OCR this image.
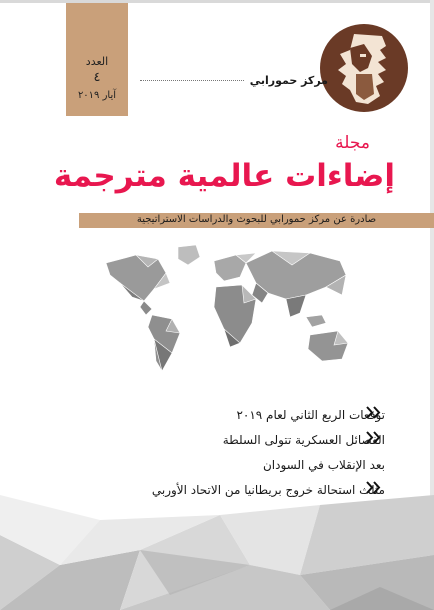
العدد
٤
آيار ٢٠١٩
مركز حمورابي
مجلة
إضاءات عالمية مترجمة
صادرة عن مركز حمورابي للبحوث والدراسات الاستراتيجية
توقعات الربع الثاني لعام ٢٠١٩
الفصائل العسكرية تتولى السلطة
بعد الإنقلاب في السودان
مثلث استحالة خروج بريطانيا من الاتحاد الأوربي
